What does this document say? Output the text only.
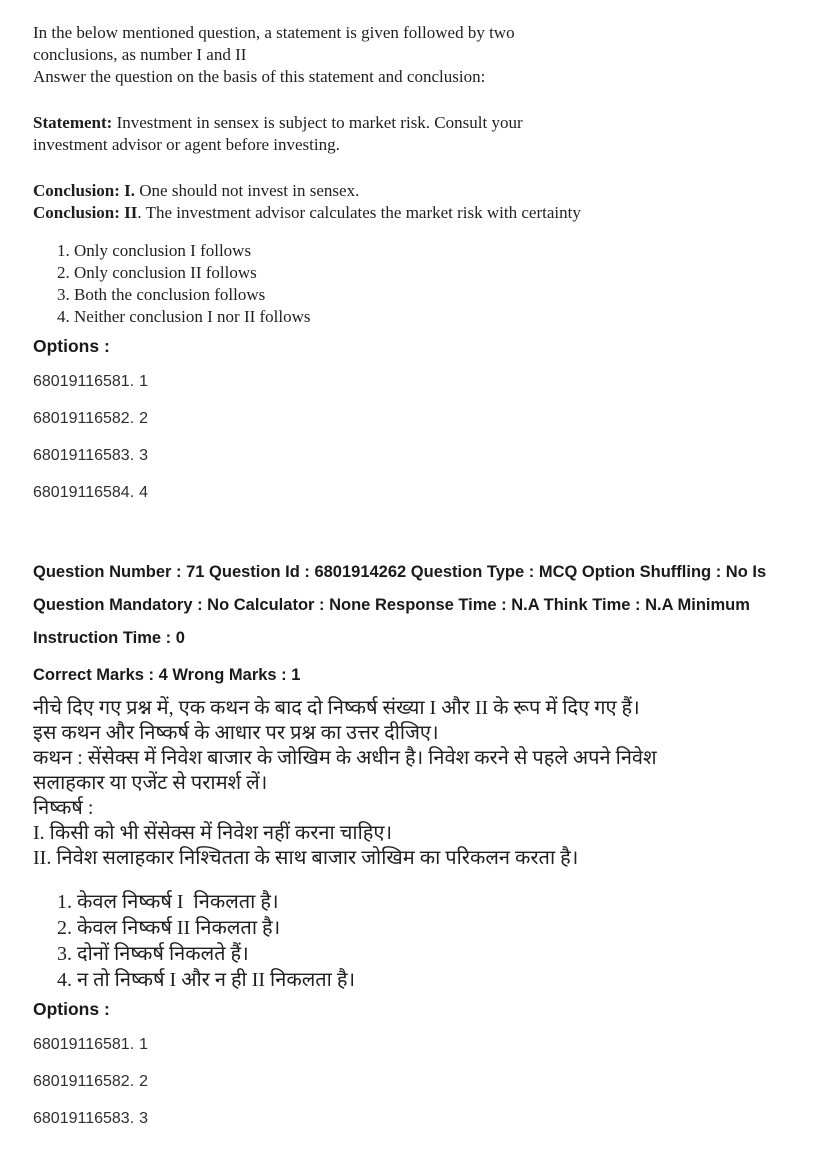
In the below mentioned question, a statement is given followed by two
conclusions, as number I and II
Answer the question on the basis of this statement and conclusion:
Statement: Investment in sensex is subject to market risk. Consult your
investment advisor or agent before investing.
Conclusion: I. One should not invest in sensex.
Conclusion: II. The investment advisor calculates the market risk with certainty
1. Only conclusion I follows
2. Only conclusion II follows
3. Both the conclusion follows
4. Neither conclusion I nor II follows
Options :
68019116581. 1
68019116582. 2
68019116583. 3
68019116584. 4
Question Number : 71 Question Id : 6801914262 Question Type : MCQ Option Shuffling : No Is
Question Mandatory : No Calculator : None Response Time : N.A Think Time : N.A Minimum
Instruction Time : 0
Correct Marks : 4 Wrong Marks : 1
नीचे दिए गए प्रश्न में, एक कथन के बाद दो निष्कर्ष संख्या I और II के रूप में दिए गए हैं।
इस कथन और निष्कर्ष के आधार पर प्रश्न का उत्तर दीजिए।
कथन : सेंसेक्स में निवेश बाजार के जोखिम के अधीन है। निवेश करने से पहले अपने निवेश
सलाहकार या एजेंट से परामर्श लें।
निष्कर्ष :
I. किसी को भी सेंसेक्स में निवेश नहीं करना चाहिए।
II. निवेश सलाहकार निश्चितता के साथ बाजार जोखिम का परिकलन करता है।
1. केवल निष्कर्ष I  निकलता है।
2. केवल निष्कर्ष II निकलता है।
3. दोनों निष्कर्ष निकलते हैं।
4. न तो निष्कर्ष I और न ही II निकलता है।
Options :
68019116581. 1
68019116582. 2
68019116583. 3
